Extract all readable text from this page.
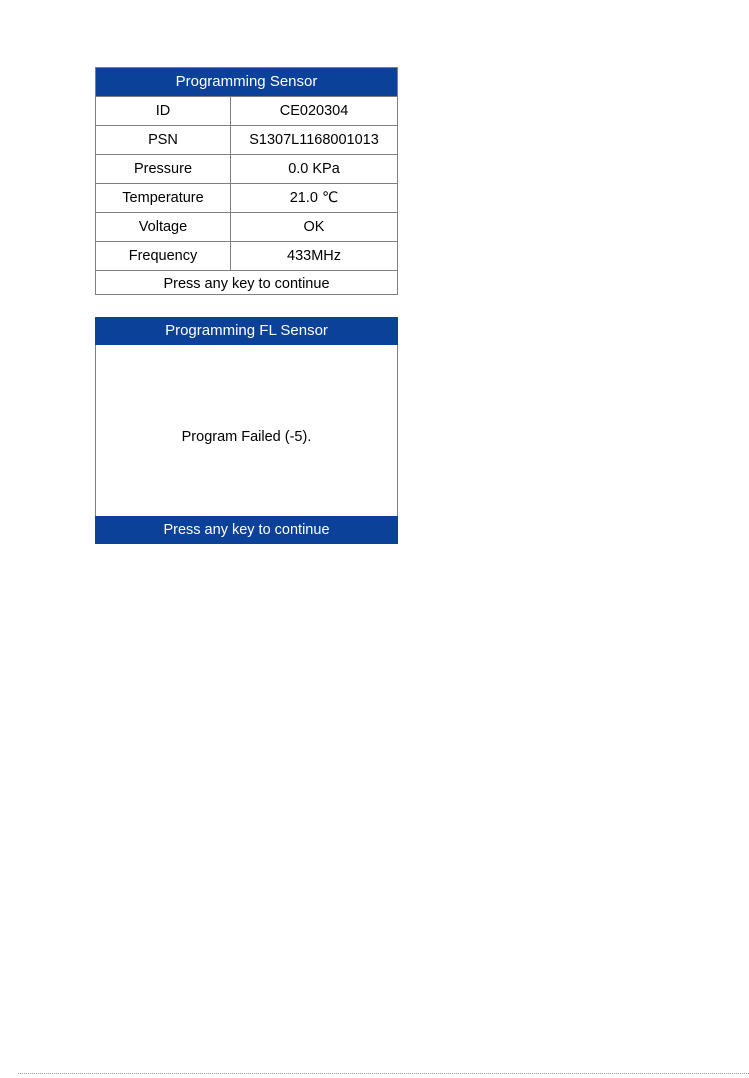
Programming Sensor
ID	CE020304
PSN	S1307L1168001013
Pressure	0.0 KPa
Temperature	21.0 ℃
Voltage	OK
Frequency	433MHz
Press any key to continue	
Programming FL Sensor
Program Failed (-5).
Press any key to continue
